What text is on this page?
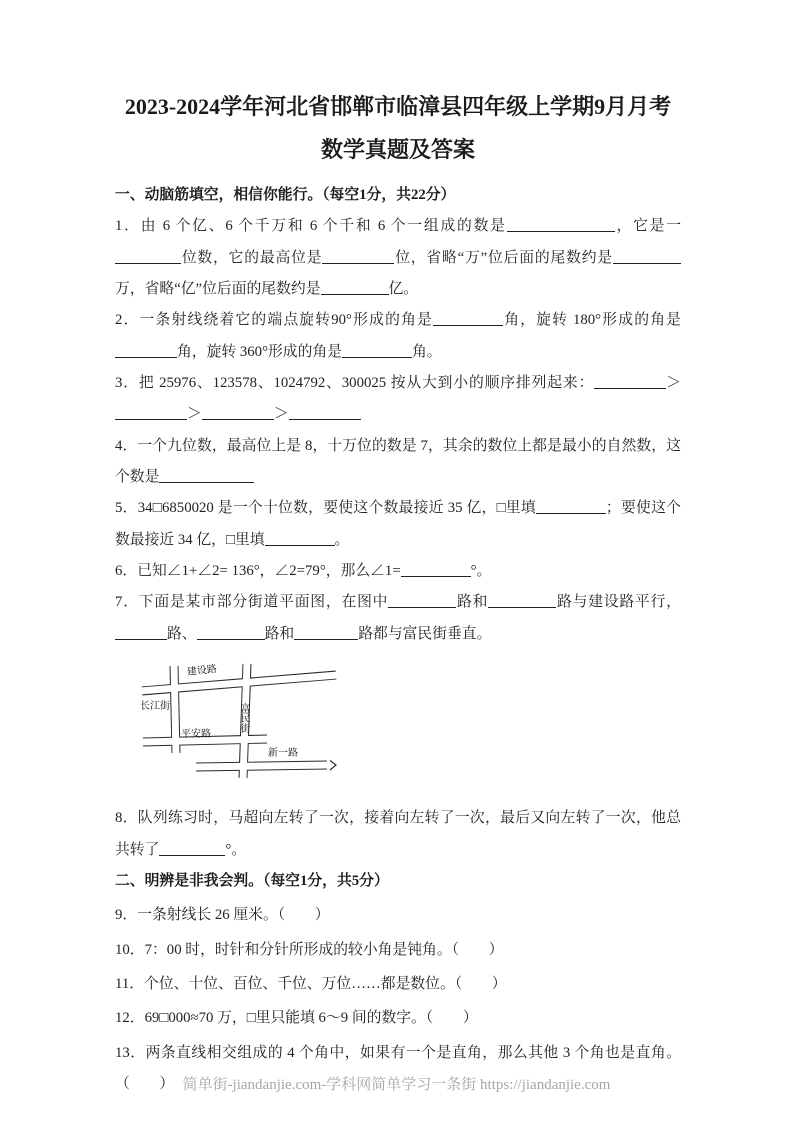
2023-2024学年河北省邯郸市临漳县四年级上学期9月月考
数学真题及答案

一、动脑筋填空，相信你能行。（每空1分，共22分）

1．由 6 个亿、6 个千万和 6 个千和 6 个一组成的数是	，它是一位数，它的最高位是	位，省略“万”位后面的尾数约是万，省略“亿”位后面的尾数约是	亿。

2．一条射线绕着它的端点旋转90°形成的角是	角，旋转 180°形成的角是角，旋转 360°形成的角是	角。

3．把 25976、123578、1024792、300025 按从大到小的顺序排列起来：	＞＞	＞

4．一个九位数，最高位上是 8，十万位的数是 7，其余的数位上都是最小的自然数，这个数是

5．34□6850020 是一个十位数，要使这个数最接近 35 亿，□里填	；要使这个数最接近 34 亿，□里填	。

6．已知∠1+∠2= 136°，∠2=79°，那么∠1=	°。

7．下面是某市部分街道平面图，在图中	路和	路与建设路平行，路、	路和	路都与富民街垂直。

建设路
长江街	富民街
平安路
新一路

8．队列练习时，马超向左转了一次，接着向左转了一次，最后又向左转了一次，他总共转了	°。

二、明辨是非我会判。（每空1分，共5分）

9．一条射线长 26 厘米。（　　）

10．7：00 时，时针和分针所形成的较小角是钝角。（　　）

11．个位、十位、百位、千位、万位……都是数位。（　　）

12．69□000≈70 万，□里只能填 6～9 间的数字。（　　）

13．两条直线相交组成的 4 个角中，如果有一个是直角，那么其他 3 个角也是直角。（　　） 简单街-jiandanjie.com-学科网简单学习一条街 https://jiandanjie.com
